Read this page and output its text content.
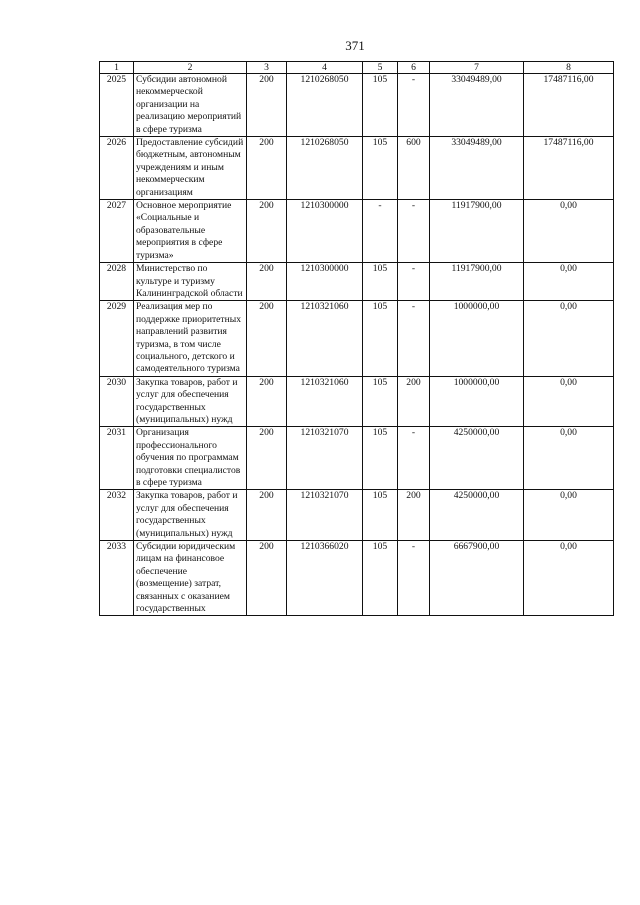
371
1	2	3	4	5	6	7	8
2025	Субсидии автономной некоммерческой организации на реализацию мероприятий в сфере туризма	200	1210268050	105	-	33049489,00	17487116,00
2026	Предоставление субсидий бюджетным, автономным учреждениям и иным некоммерческим организациям	200	1210268050	105	600	33049489,00	17487116,00
2027	Основное мероприятие «Социальные и образовательные мероприятия в сфере туризма»	200	1210300000	-	-	11917900,00	0,00
2028	Министерство по культуре и туризму Калининградской области	200	1210300000	105	-	11917900,00	0,00
2029	Реализация мер по поддержке приоритетных направлений развития туризма, в том числе социального, детского и самодеятельного туризма	200	1210321060	105	-	1000000,00	0,00
2030	Закупка товаров, работ и услуг для обеспечения государственных (муниципальных) нужд	200	1210321060	105	200	1000000,00	0,00
2031	Организация профессионального обучения по программам подготовки специалистов в сфере туризма	200	1210321070	105	-	4250000,00	0,00
2032	Закупка товаров, работ и услуг для обеспечения государственных (муниципальных) нужд	200	1210321070	105	200	4250000,00	0,00
2033	Субсидии юридическим лицам на финансовое обеспечение (возмещение) затрат, связанных с оказанием государственных	200	1210366020	105	-	6667900,00	0,00
